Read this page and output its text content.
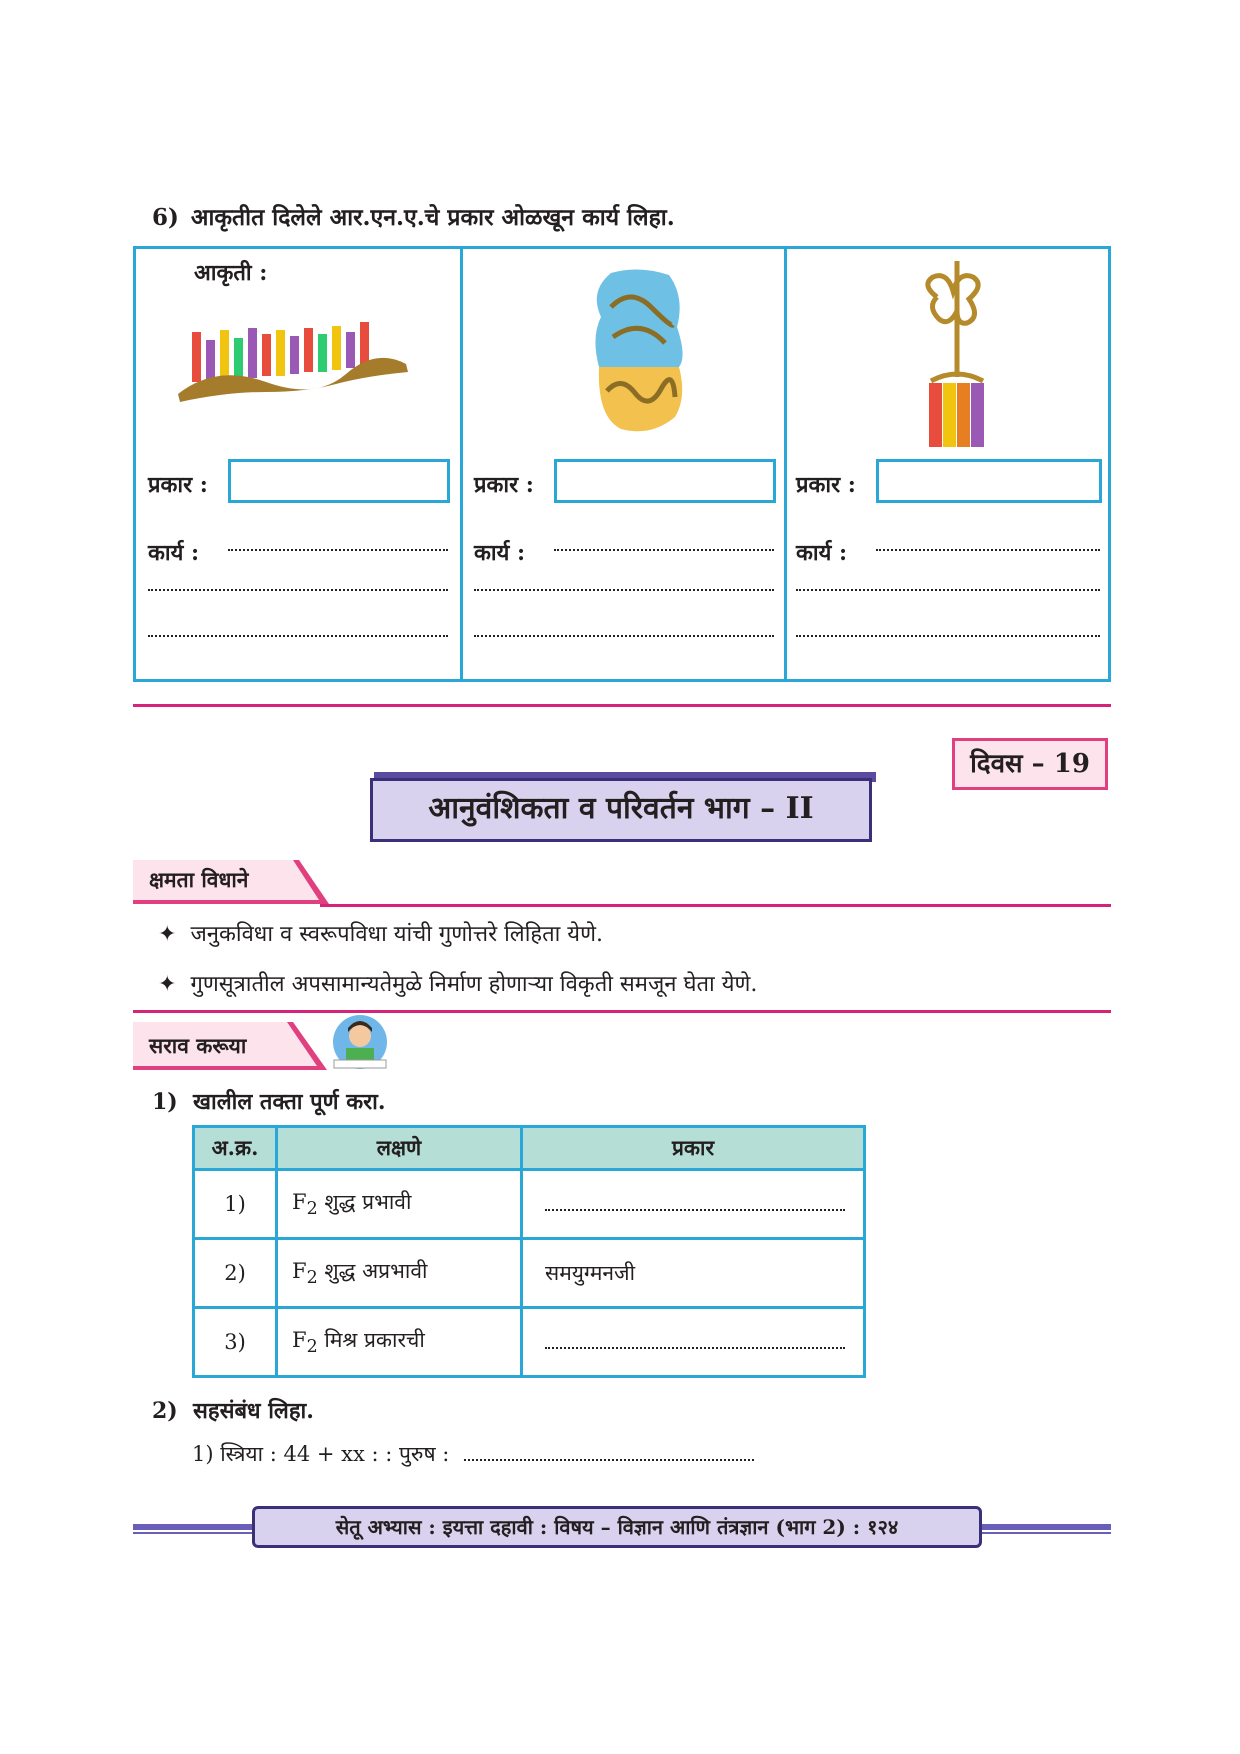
6) आकृतीत दिलेले आर.एन.ए.चे प्रकार ओळखून कार्य लिहा.
आकृती :
प्रकार :	प्रकार :	प्रकार :
कार्य :	कार्य :	कार्य :
दिवस – 19
आनुवंशिकता व परिवर्तन भाग – II
क्षमता विधाने
✦ जनुकविधा व स्वरूपविधा यांची गुणोत्तरे लिहिता येणे.
✦ गुणसूत्रातील अपसामान्यतेमुळे निर्माण होणाऱ्या विकृती समजून घेता येणे.
सराव करूया
1) खालील तक्ता पूर्ण करा.
अ.क्र.	लक्षणे	प्रकार
1)	$F_2$ शुद्ध प्रभावी	

2)	$F_2$ शुद्ध अप्रभावी	समयुग्मनजी
3)	$F_2$ मिश्र प्रकारची	
2) सहसंबंध लिहा.
1) स्त्रिया : 44 + xx : : पुरुष :
सेतू अभ्यास : इयत्ता दहावी : विषय – विज्ञान आणि तंत्रज्ञान (भाग 2) : १२४
